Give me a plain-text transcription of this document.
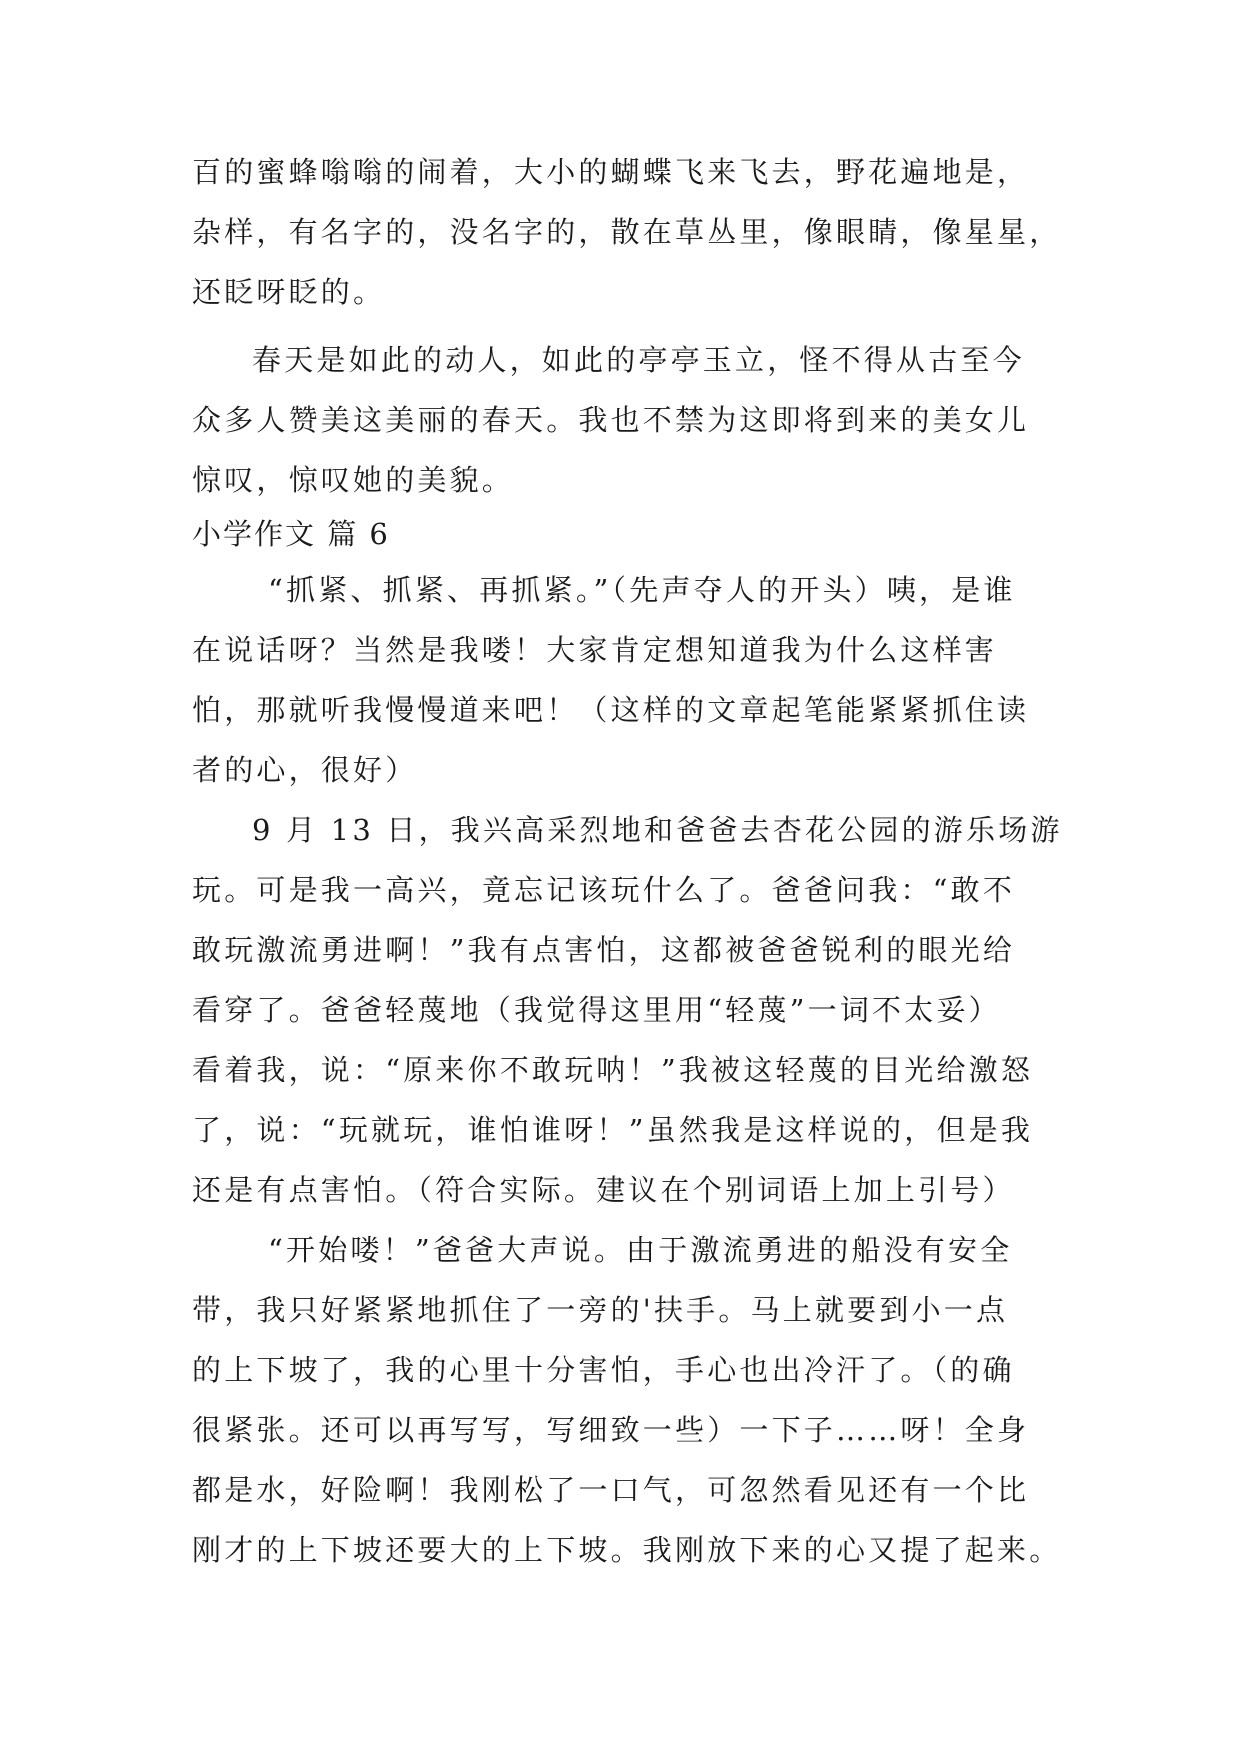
百的蜜蜂嗡嗡的闹着，大小的蝴蝶飞来飞去，野花遍地是，
杂样，有名字的，没名字的，散在草丛里，像眼睛，像星星，
还眨呀眨的。
春天是如此的动人，如此的亭亭玉立，怪不得从古至今
众多人赞美这美丽的春天。我也不禁为这即将到来的美女儿
惊叹，惊叹她的美貌。
小学作文 篇 6
“抓紧、抓紧、再抓紧。”（先声夺人的开头）咦，是谁
在说话呀？当然是我喽！大家肯定想知道我为什么这样害
怕，那就听我慢慢道来吧！（这样的文章起笔能紧紧抓住读
者的心，很好）
9 月 13 日，我兴高采烈地和爸爸去杏花公园的游乐场游
玩。可是我一高兴，竟忘记该玩什么了。爸爸问我：“敢不
敢玩激流勇进啊！”我有点害怕，这都被爸爸锐利的眼光给
看穿了。爸爸轻蔑地（我觉得这里用“轻蔑”一词不太妥）
看着我，说：“原来你不敢玩呐！”我被这轻蔑的目光给激怒
了，说：“玩就玩，谁怕谁呀！”虽然我是这样说的，但是我
还是有点害怕。（符合实际。建议在个别词语上加上引号）
“开始喽！”爸爸大声说。由于激流勇进的船没有安全
带，我只好紧紧地抓住了一旁的'扶手。马上就要到小一点
的上下坡了，我的心里十分害怕，手心也出冷汗了。（的确
很紧张。还可以再写写，写细致一些）一下子……呀！全身
都是水，好险啊！我刚松了一口气，可忽然看见还有一个比
刚才的上下坡还要大的上下坡。我刚放下来的心又提了起来。
